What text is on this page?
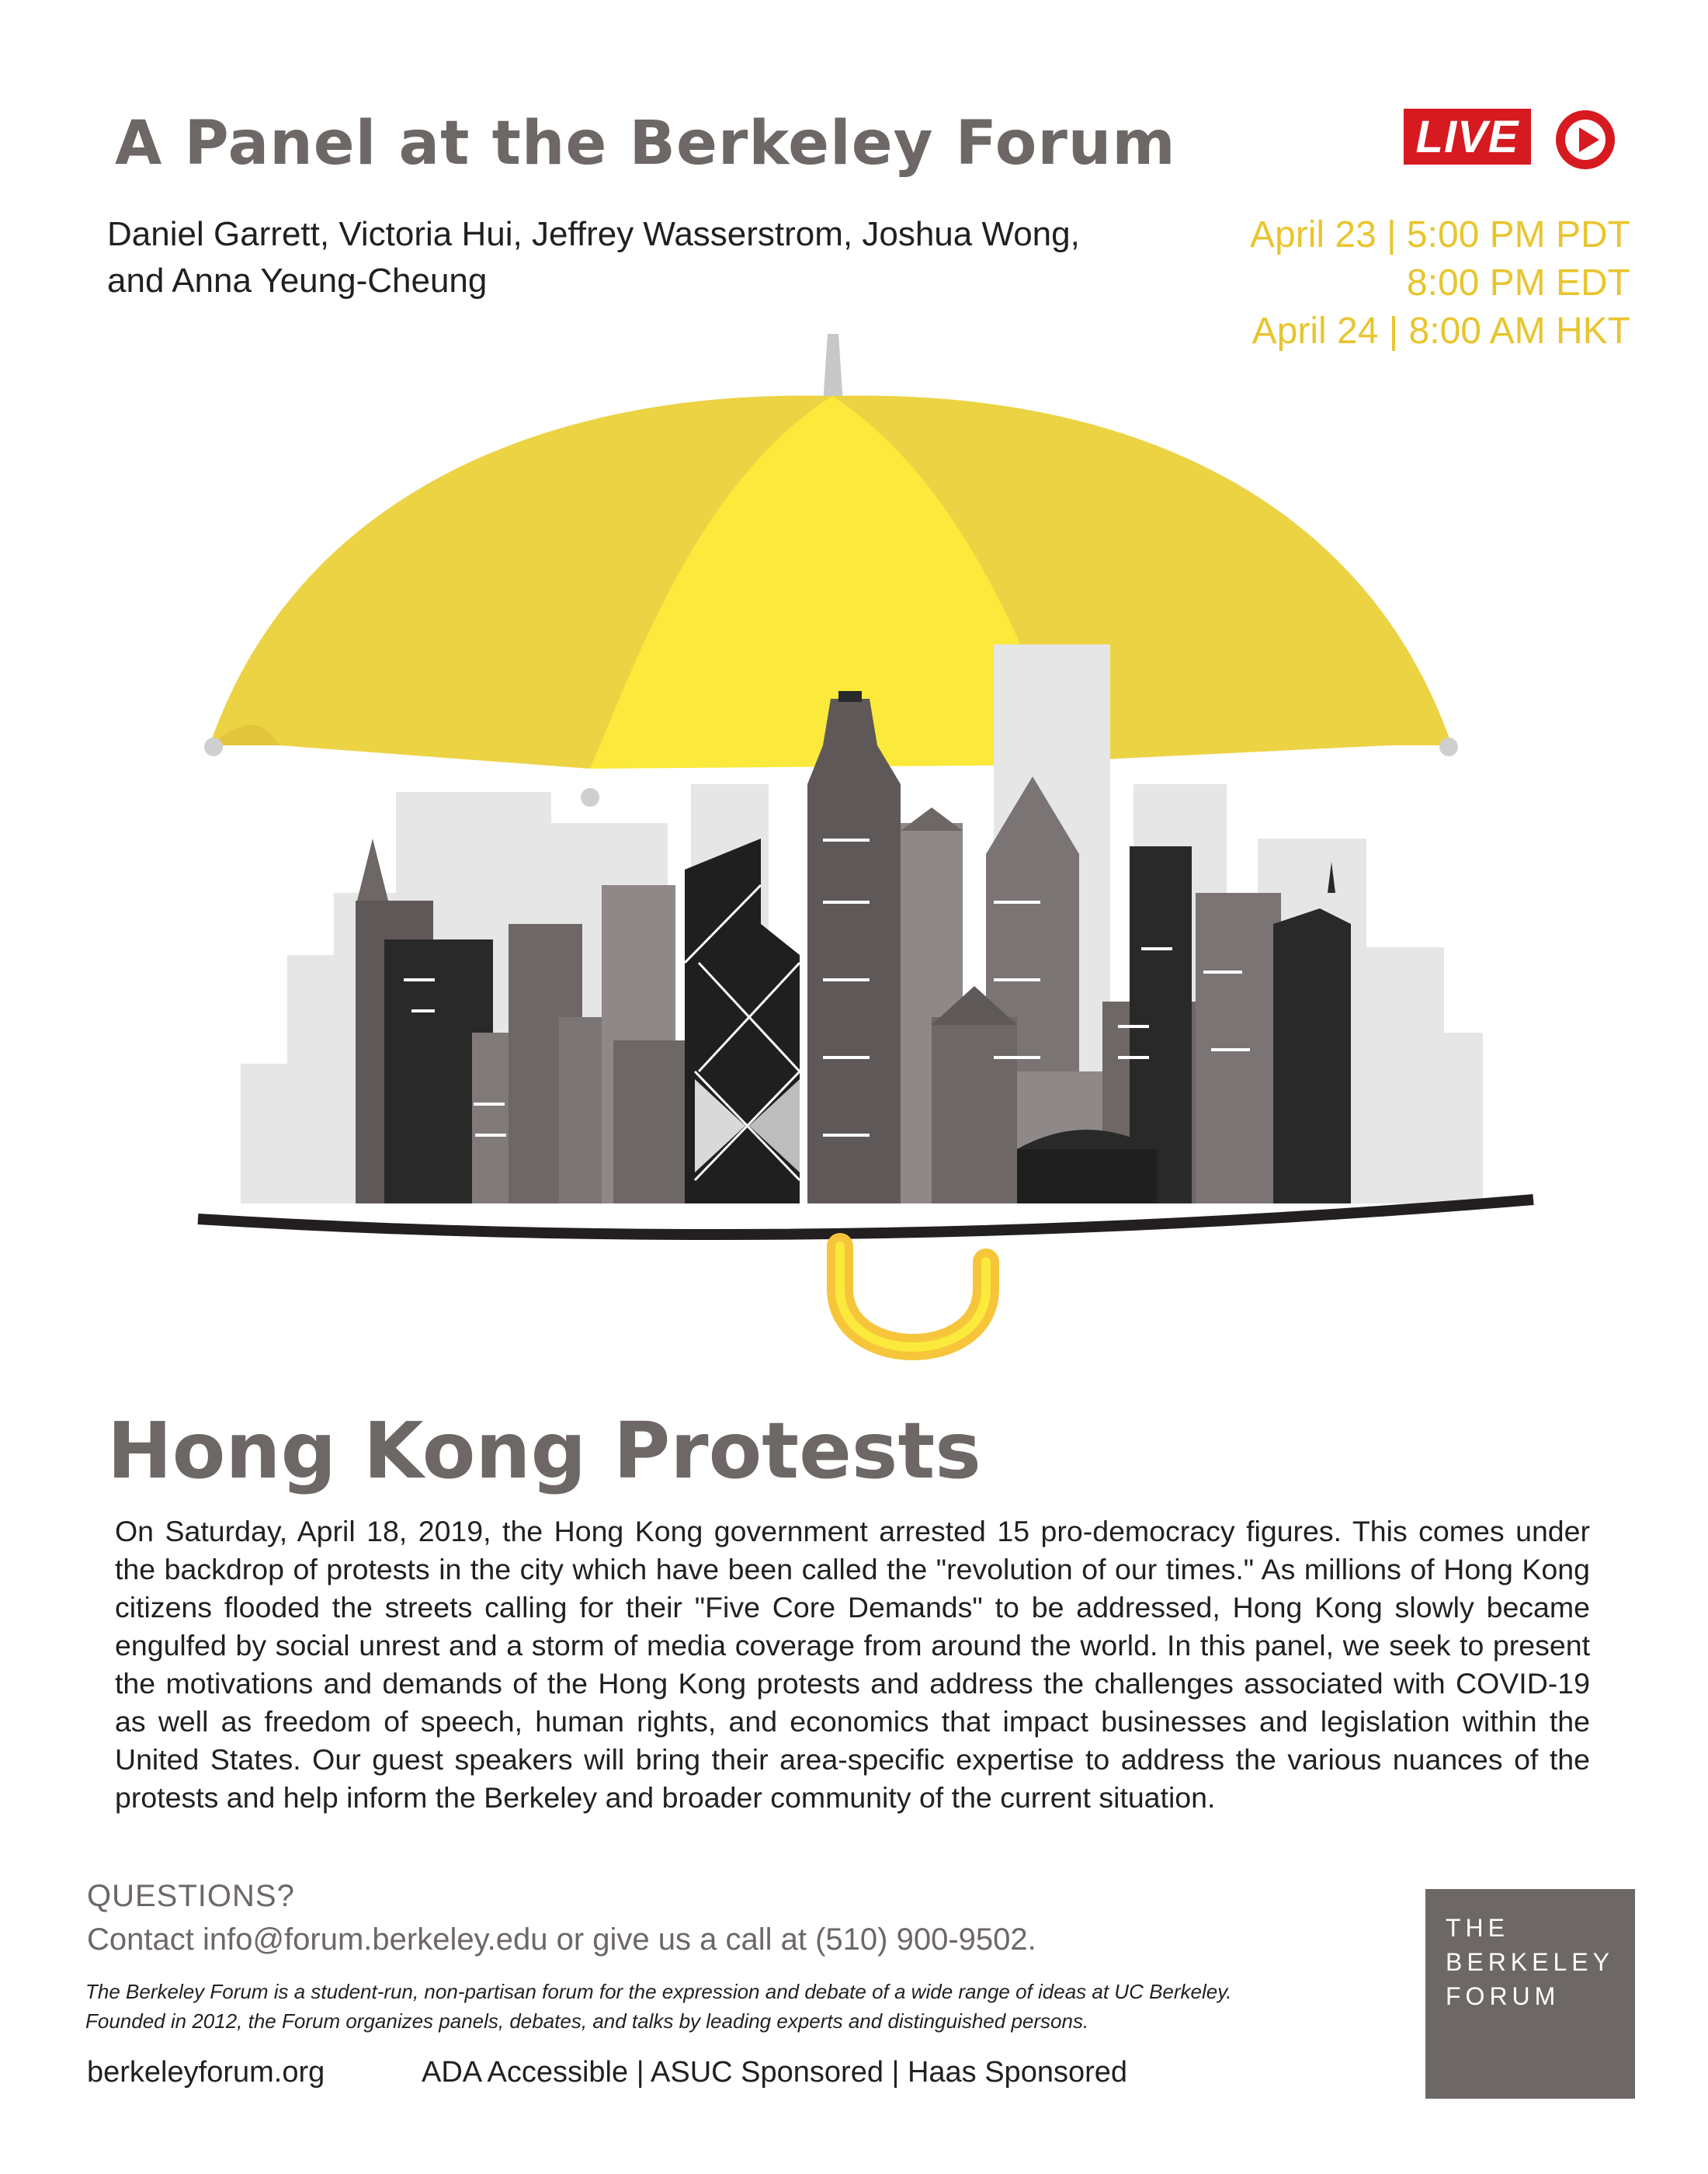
A Panel at the Berkeley Forum
Daniel Garrett, Victoria Hui, Jeffrey Wasserstrom, Joshua Wong,
and Anna Yeung-Cheung
LIVE
April 23 | 5:00 PM PDT
8:00 PM EDT
April 24 | 8:00 AM HKT
Hong Kong Protests
On Saturday, April 18, 2019, the Hong Kong government arrested 15 pro-democracy figures. This comes under the backdrop of protests in the city which have been called the "revolution of our times." As millions of Hong Kong citizens flooded the streets calling for their "Five Core Demands" to be addressed, Hong Kong slowly became engulfed by social unrest and a storm of media coverage from around the world. In this panel, we seek to present the motivations and demands of the Hong Kong protests and address the challenges associated with COVID-19 as well as freedom of speech, human rights, and economics that impact businesses and legislation within the United States. Our guest speakers will bring their area-specific expertise to address the various nuances of the protests and help inform the Berkeley and broader community of the current situation.
QUESTIONS?
Contact info@forum.berkeley.edu or give us a call at (510) 900-9502.
The Berkeley Forum is a student-run, non-partisan forum for the expression and debate of a wide range of ideas at UC Berkeley.
Founded in 2012, the Forum organizes panels, debates, and talks by leading experts and distinguished persons.
berkeleyforum.org	ADA Accessible | ASUC Sponsored | Haas Sponsored
THE
BERKELEY
FORUM
